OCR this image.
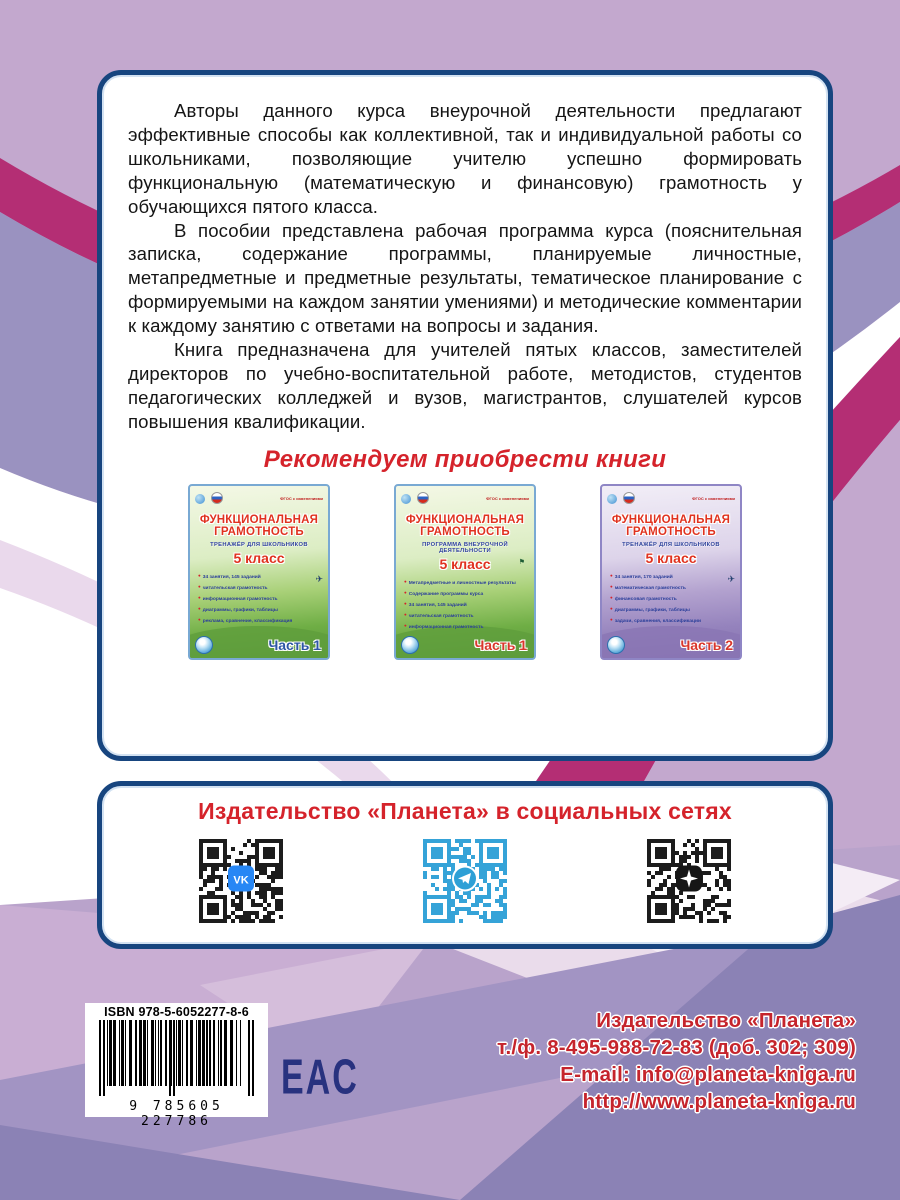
Авторы данного курса внеурочной деятельности предлагают эффективные способы как коллективной, так и индивидуальной работы со школьниками, позволяющие учителю успешно формировать функциональную (математическую и финансовую) грамотность у обучающихся пятого класса.

В пособии представлена рабочая программа курса (пояснительная записка, содержание программы, планируемые личностные, метапредметные и предметные результаты, тематическое планирование с формируемыми на каждом занятии умениями) и методические комментарии к каждому занятию с ответами на вопросы и задания.

Книга предназначена для учителей пятых классов, заместителей директоров по учебно-воспитательной работе, методистов, студентов педагогических колледжей и вузов, магистрантов, слушателей курсов повышения квалификации.

Рекомендуем приобрести книги

ФГОС с изменениями
ФУНКЦИОНАЛЬНАЯ
ГРАМОТНОСТЬ
ТРЕНАЖЁР ДЛЯ ШКОЛЬНИКОВ
5 класс
● 34 занятия, 145 заданий
● читательская грамотность
● информационная грамотность
● диаграммы, графики, таблицы
● реклама, сравнение, классификация
✈
Часть 1

ФГОС с изменениями
ФУНКЦИОНАЛЬНАЯ
ГРАМОТНОСТЬ
ПРОГРАММА ВНЕУРОЧНОЙ ДЕЯТЕЛЬНОСТИ
5 класс
● Метапредметные и личностные результаты
● Содержание программы курса
● 34 занятия, 145 заданий
● читательская грамотность
● информационная грамотность
⚑
Часть 1

ФГОС с изменениями
ФУНКЦИОНАЛЬНАЯ
ГРАМОТНОСТЬ
ТРЕНАЖЁР ДЛЯ ШКОЛЬНИКОВ
5 класс
● 34 занятия, 170 заданий
● математическая грамотность
● финансовая грамотность
● диаграммы, графики, таблицы
● задачи, сравнения, классификации
✈
Часть 2
Издательство «Планета» в социальных сетях
VK
ISBN 978-5-6052277-8-6
9 785605 227786
EAC
Издательство «Планета»
т./ф. 8-495-988-72-83 (доб. 302; 309)
E-mail: info@planeta-kniga.ru
http://www.planeta-kniga.ru
